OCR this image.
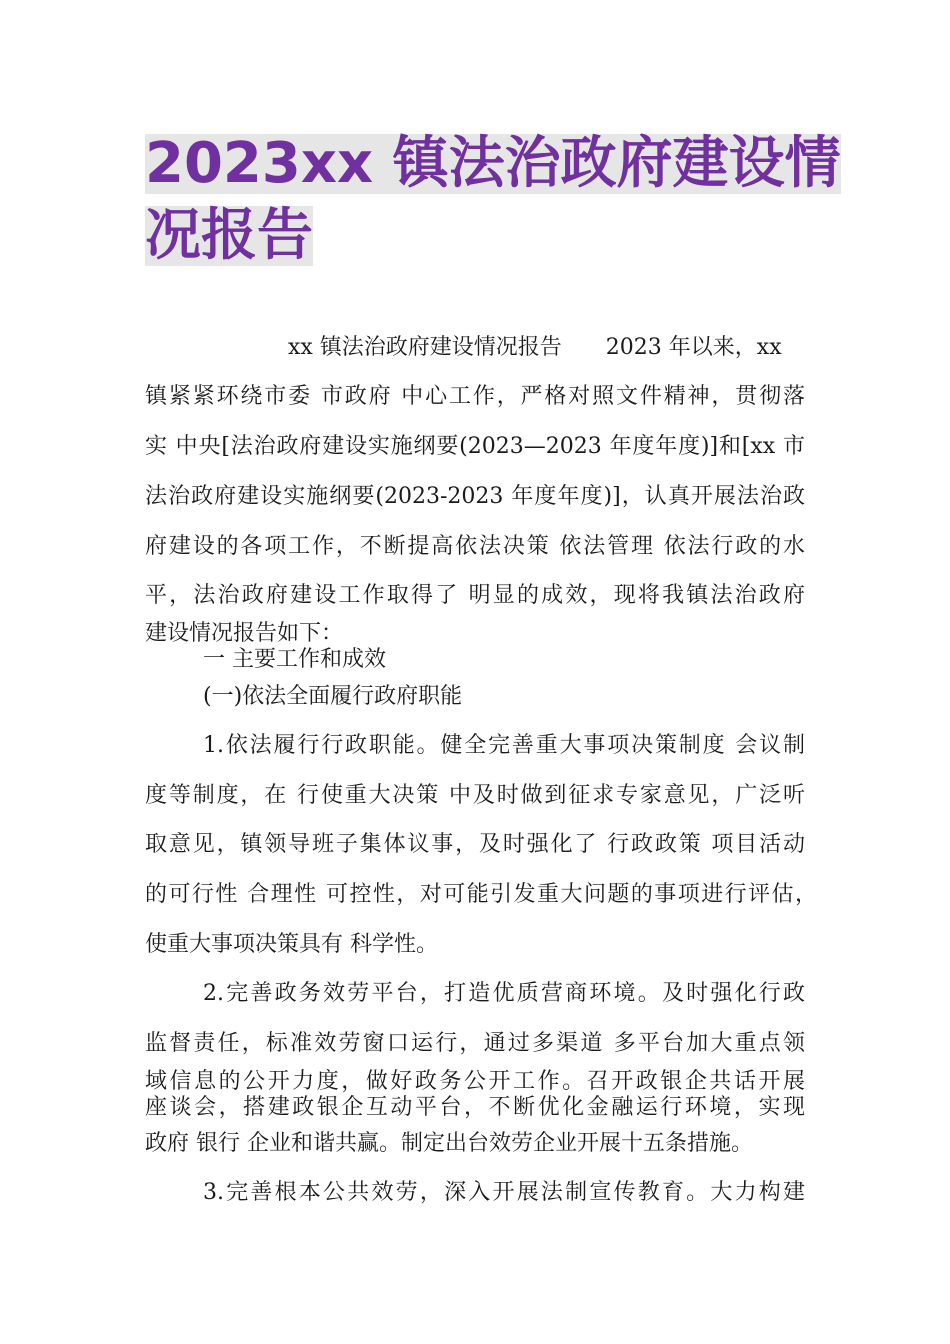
2023xx 镇法治政府建设情
况报告
xx 镇法治政府建设情况报告　　2023 年以来，xx
镇紧紧环绕市委 市政府 中心工作，严格对照文件精神，贯彻落
实 中央[法治政府建设实施纲要(2023—2023 年度年度)]和[xx 市
法治政府建设实施纲要(2023-2023 年度年度)]，认真开展法治政
府建设的各项工作，不断提高依法决策 依法管理 依法行政的水
平，法治政府建设工作取得了 明显的成效，现将我镇法治政府
建设情况报告如下：
一 主要工作和成效
(一)依法全面履行政府职能
1.依法履行行政职能。健全完善重大事项决策制度 会议制
度等制度，在 行使重大决策 中及时做到征求专家意见，广泛听
取意见，镇领导班子集体议事，及时强化了 行政政策 项目活动
的可行性 合理性 可控性，对可能引发重大问题的事项进行评估，
使重大事项决策具有 科学性。
2.完善政务效劳平台，打造优质营商环境。及时强化行政
监督责任，标准效劳窗口运行，通过多渠道 多平台加大重点领
域信息的公开力度，做好政务公开工作。召开政银企共话开展
座谈会，搭建政银企互动平台，不断优化金融运行环境，实现
政府 银行 企业和谐共赢。制定出台效劳企业开展十五条措施。
3.完善根本公共效劳，深入开展法制宣传教育。大力构建
